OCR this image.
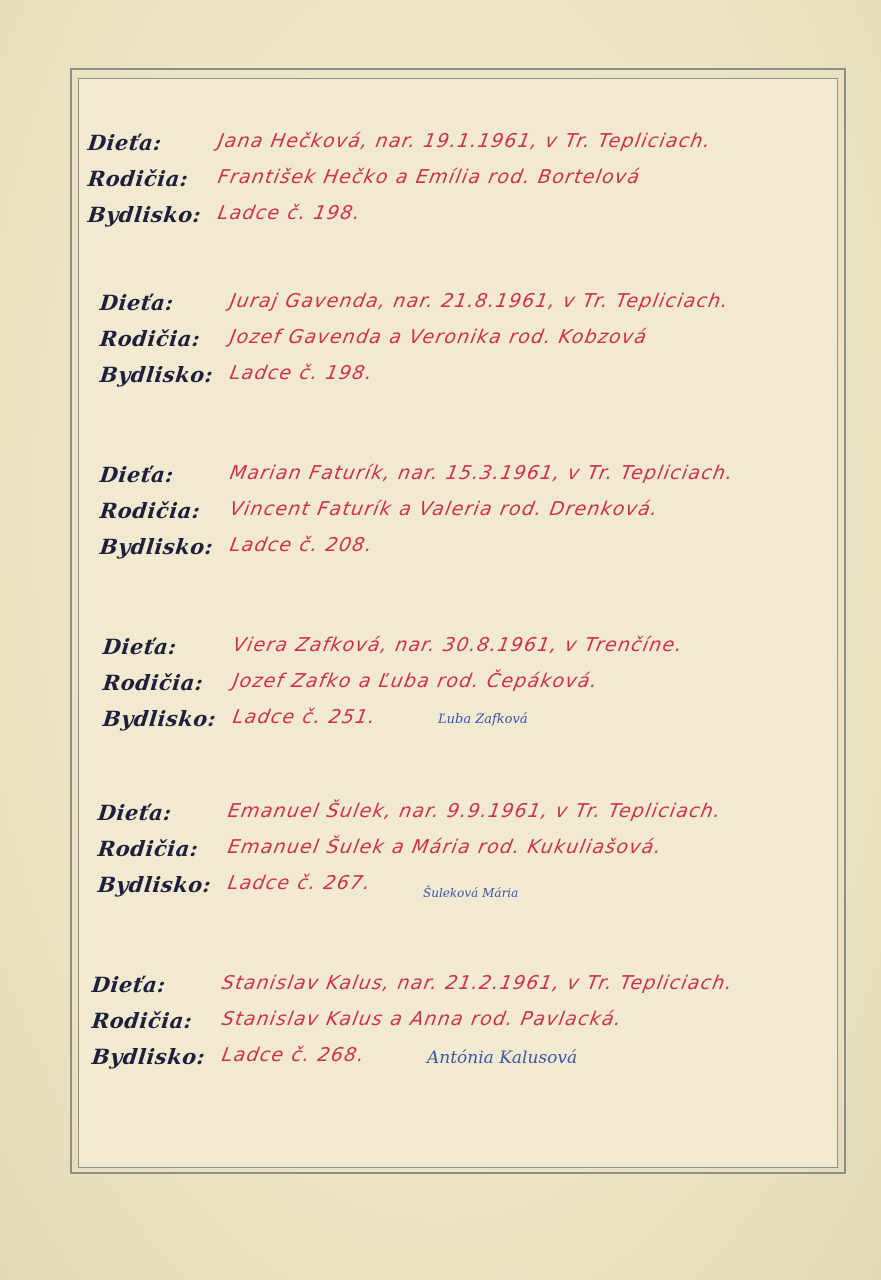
Dieťa:	Jana Hečková, nar. 19.1.1961, v Tr. Tepliciach.
Rodičia:	František Hečko a Emília rod. Bortelová
Bydlisko: Ladce č. 198.
Dieťa:	Juraj Gavenda, nar. 21.8.1961, v Tr. Tepliciach.
Rodičia:	Jozef Gavenda a Veronika rod. Kobzová
Bydlisko: Ladce č. 198.
Dieťa:	Marian Faturík, nar. 15.3.1961, v Tr. Tepliciach.
Rodičia:	Vincent Faturík a Valeria rod. Drenková.
Bydlisko: Ladce č. 208.
Dieťa:	Viera Zafková, nar. 30.8.1961, v Trenčíne.
Rodičia:	Jozef Zafko a Ľuba rod. Čepáková.
Bydlisko: Ladce č. 251.	Ľuba Zafková
Dieťa:	Emanuel Šulek, nar. 9.9.1961, v Tr. Tepliciach.
Rodičia:	Emanuel Šulek a Mária rod. Kukuliašová.
Bydlisko: Ladce č. 267.	Šuleková Mária
Dieťa:	Stanislav Kalus, nar. 21.2.1961, v Tr. Tepliciach.
Rodičia:	Stanislav Kalus a Anna rod. Pavlacká.
Bydlisko: Ladce č. 268.	Antónia Kalusová
